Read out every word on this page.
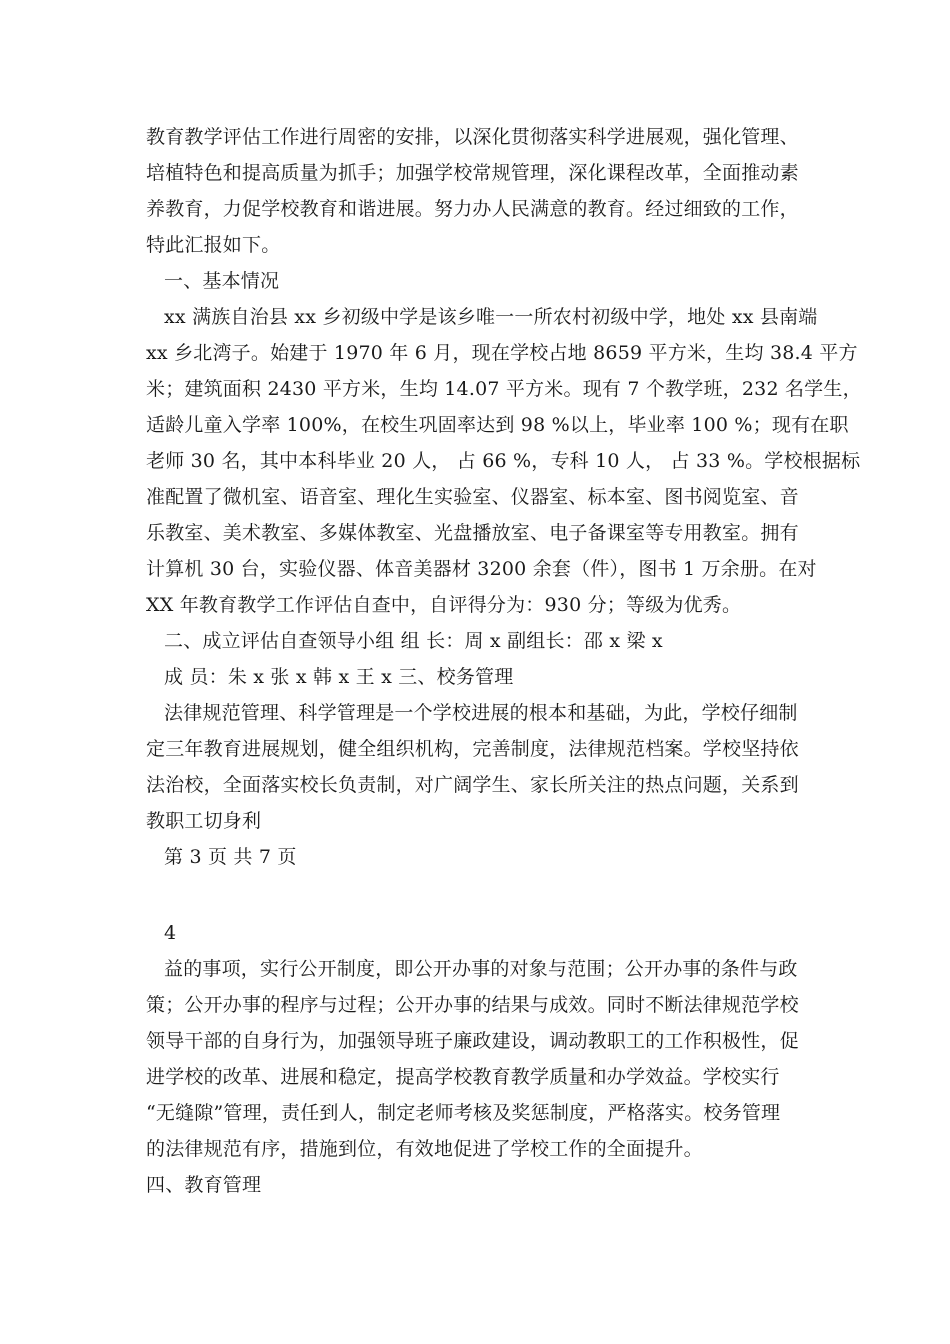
教育教学评估工作进行周密的安排，以深化贯彻落实科学进展观，强化管理、
培植特色和提高质量为抓手；加强学校常规管理，深化课程改革，全面推动素
养教育，力促学校教育和谐进展。努力办人民满意的教育。经过细致的工作，
特此汇报如下。
一、基本情况
xx 满族自治县 xx 乡初级中学是该乡唯一一所农村初级中学，地处 xx 县南端
xx 乡北湾子。始建于 1970 年 6 月，现在学校占地 8659 平方米，生均 38.4 平方
米；建筑面积 2430 平方米，生均 14.07 平方米。现有 7 个教学班，232 名学生，
适龄儿童入学率 100%，在校生巩固率达到 98 %以上，毕业率 100 %；现有在职
老师 30 名，其中本科毕业 20 人， 占 66 %，专科 10 人， 占 33 %。学校根据标
准配置了微机室、语音室、理化生实验室、仪器室、标本室、图书阅览室、音
乐教室、美术教室、多媒体教室、光盘播放室、电子备课室等专用教室。拥有
计算机 30 台，实验仪器、体音美器材 3200 余套（件），图书 1 万余册。在对
XX 年教育教学工作评估自查中，自评得分为：930 分；等级为优秀。
二、成立评估自查领导小组 组 长：周 x 副组长：邵 x 梁 x
成 员：朱 x 张 x 韩 x 王 x 三、校务管理
法律规范管理、科学管理是一个学校进展的根本和基础，为此，学校仔细制
定三年教育进展规划，健全组织机构，完善制度，法律规范档案。学校坚持依
法治校，全面落实校长负责制，对广阔学生、家长所关注的热点问题，关系到
教职工切身利
第 3 页 共 7 页
4
益的事项，实行公开制度，即公开办事的对象与范围；公开办事的条件与政
策；公开办事的程序与过程；公开办事的结果与成效。同时不断法律规范学校
领导干部的自身行为，加强领导班子廉政建设，调动教职工的工作积极性，促
进学校的改革、进展和稳定，提高学校教育教学质量和办学效益。学校实行
“无缝隙”管理，责任到人，制定老师考核及奖惩制度，严格落实。校务管理
的法律规范有序，措施到位，有效地促进了学校工作的全面提升。
四、教育管理
